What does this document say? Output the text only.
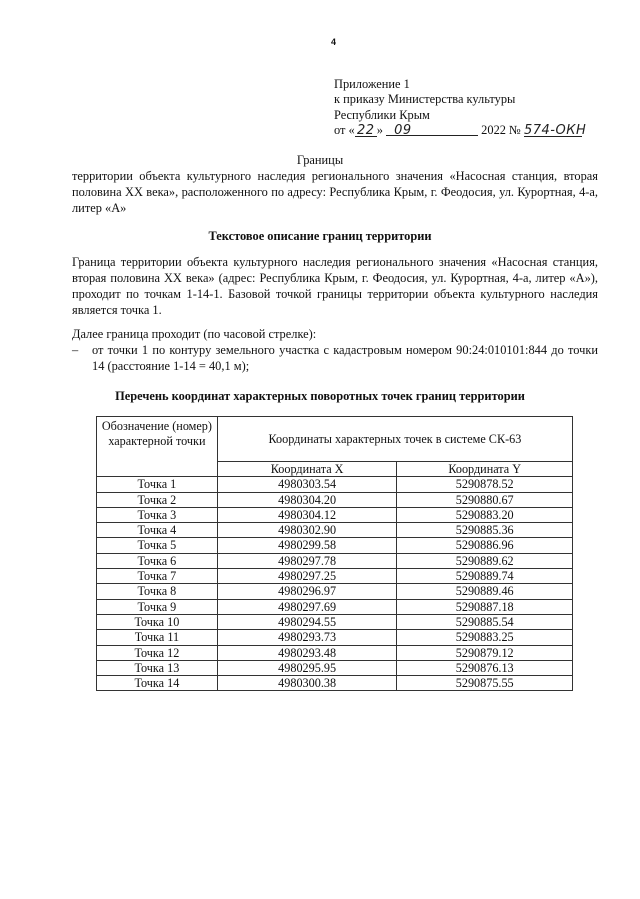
4
Приложение 1
к приказу Министерства культуры
Республики Крым
от « 22 » 09	2022 № 574-ОКН
Границы
территории объекта культурного наследия регионального значения «Насосная станция, вторая половина XX века», расположенного по адресу: Республика Крым, г. Феодосия, ул. Курортная, 4-а, литер «А»
Текстовое описание границ территории
Граница территории объекта культурного наследия регионального значения «Насосная станция, вторая половина XX века» (адрес: Республика Крым, г. Феодосия, ул. Курортная, 4-а, литер «А»), проходит по точкам 1-14-1. Базовой точкой границы территории объекта культурного наследия является точка 1.
Далее граница проходит (по часовой стрелке):
– от точки 1 по контуру земельного участка с кадастровым номером 90:24:010101:844 до точки 14 (расстояние 1-14 = 40,1 м);
Перечень координат характерных поворотных точек границ территории
Обозначение (номер) характерной точки	Координаты характерных точек в системе СК-63	
	Координата X	Координата Y
Точка 1	4980303.54	5290878.52
Точка 2	4980304.20	5290880.67
Точка 3	4980304.12	5290883.20
Точка 4	4980302.90	5290885.36
Точка 5	4980299.58	5290886.96
Точка 6	4980297.78	5290889.62
Точка 7	4980297.25	5290889.74
Точка 8	4980296.97	5290889.46
Точка 9	4980297.69	5290887.18
Точка 10	4980294.55	5290885.54
Точка 11	4980293.73	5290883.25
Точка 12	4980293.48	5290879.12
Точка 13	4980295.95	5290876.13
Точка 14	4980300.38	5290875.55
